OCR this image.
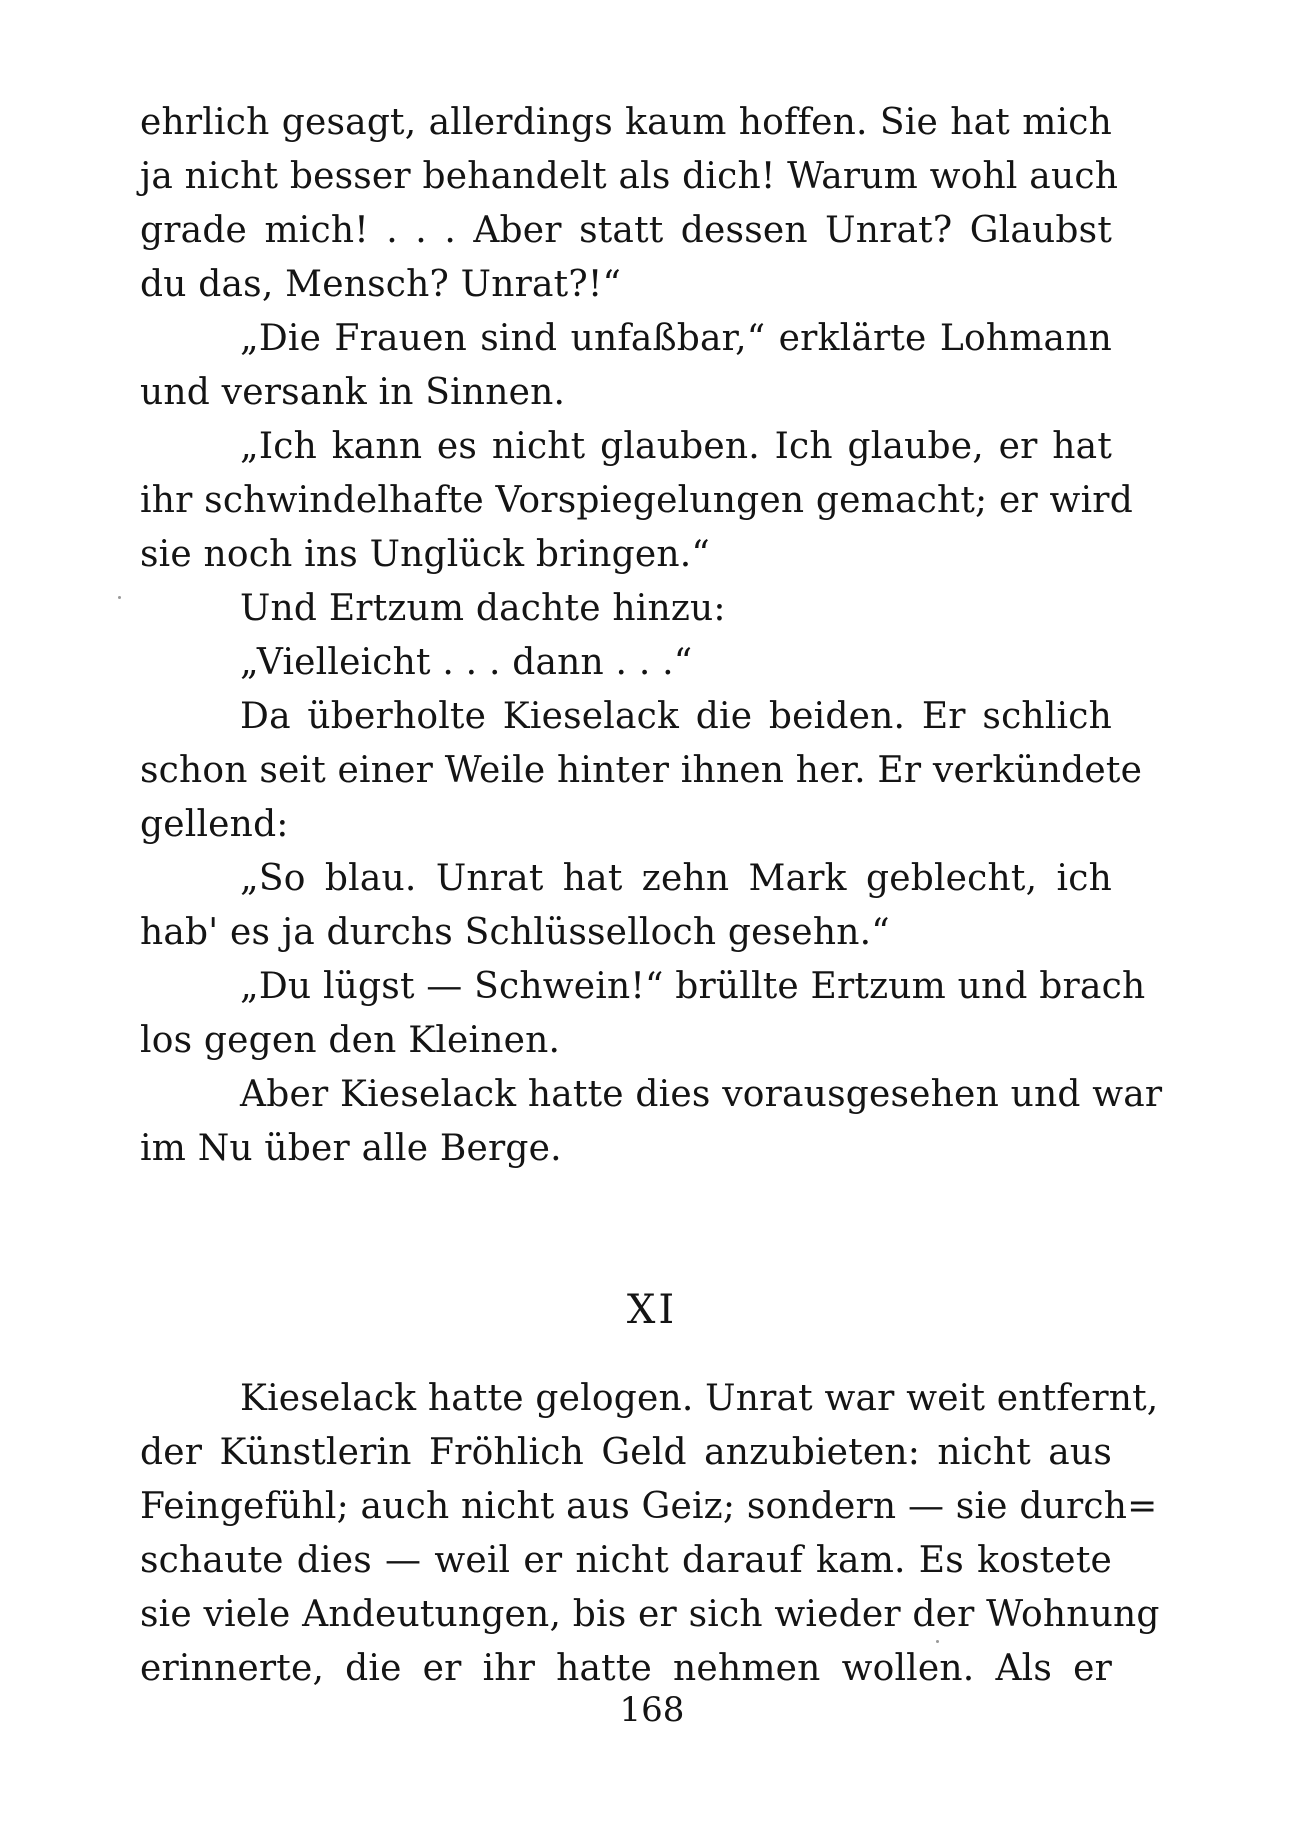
ehrlich gesagt, allerdings kaum hoffen. Sie hat mich
ja nicht besser behandelt als dich! Warum wohl auch
grade mich! . . . Aber statt dessen Unrat? Glaubst
du das, Mensch? Unrat?!“
„Die Frauen sind unfaßbar,“ erklärte Lohmann
und versank in Sinnen.
„Ich kann es nicht glauben. Ich glaube, er hat
ihr schwindelhafte Vorspiegelungen gemacht; er wird
sie noch ins Unglück bringen.“
Und Ertzum dachte hinzu:
„Vielleicht . . . dann . . .“
Da überholte Kieselack die beiden. Er schlich
schon seit einer Weile hinter ihnen her. Er verkündete
gellend:
„So blau. Unrat hat zehn Mark geblecht, ich
hab' es ja durchs Schlüsselloch gesehn.“
„Du lügst — Schwein!“ brüllte Ertzum und brach
los gegen den Kleinen.
Aber Kieselack hatte dies vorausgesehen und war
im Nu über alle Berge.
XI
Kieselack hatte gelogen. Unrat war weit entfernt,
der Künstlerin Fröhlich Geld anzubieten: nicht aus
Feingefühl; auch nicht aus Geiz; sondern — sie durch=
schaute dies — weil er nicht darauf kam. Es kostete
sie viele Andeutungen, bis er sich wieder der Wohnung
erinnerte, die er ihr hatte nehmen wollen. Als er
168
